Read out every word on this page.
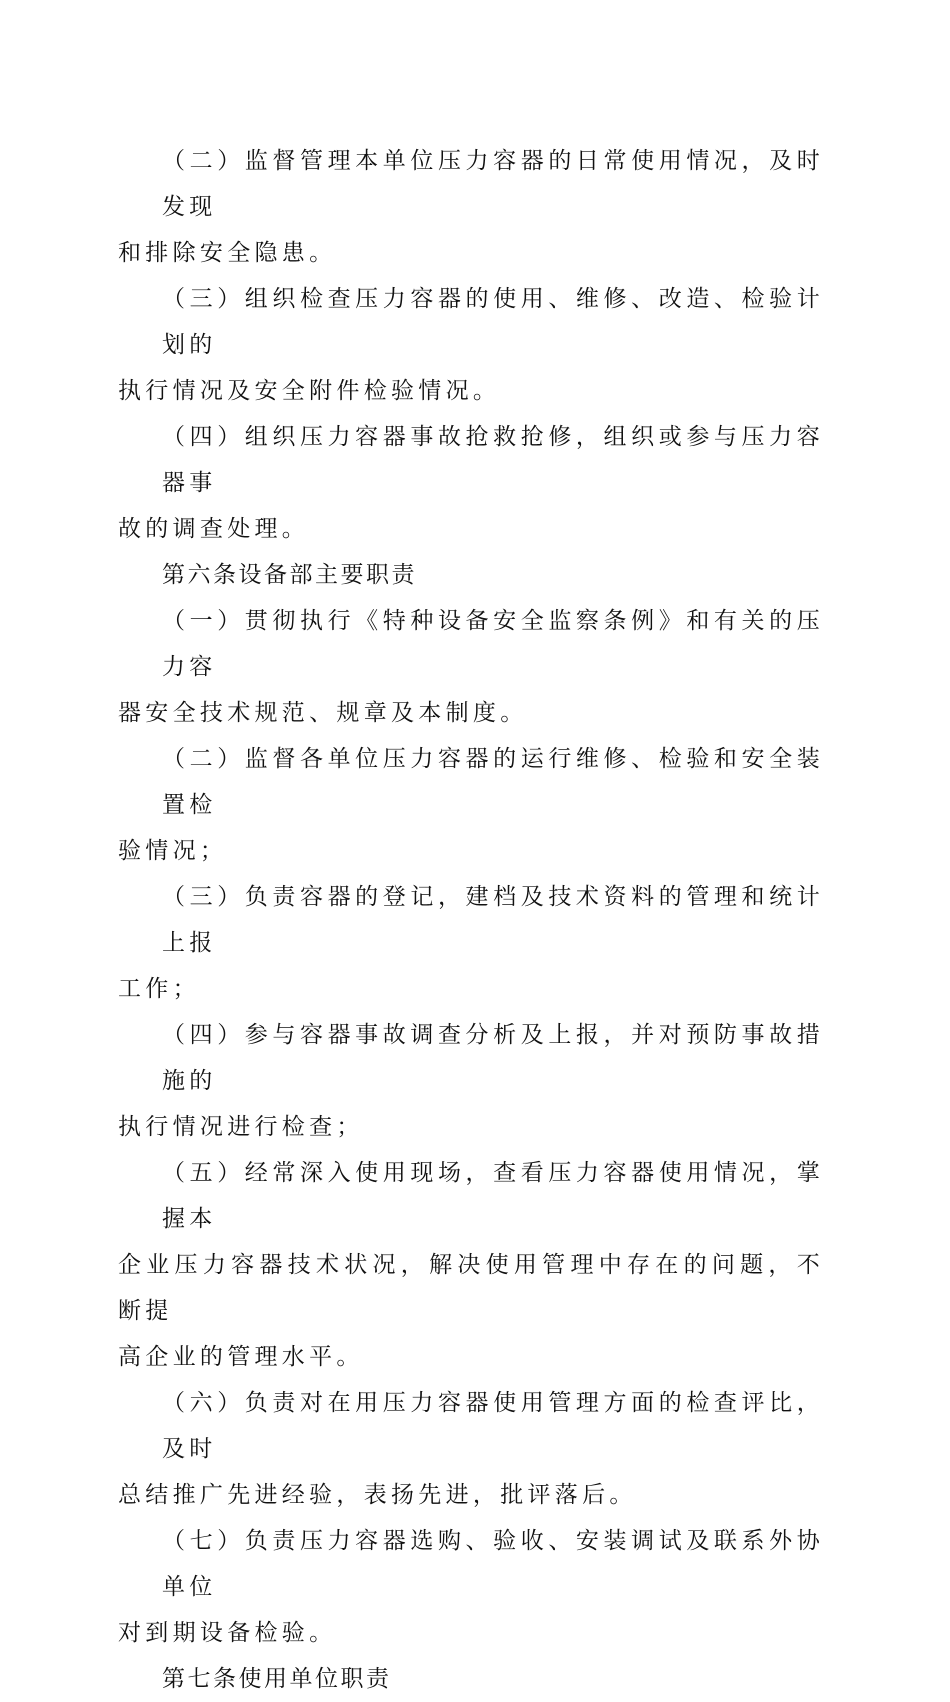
（二）监督管理本单位压力容器的日常使用情况，及时发现
和排除安全隐患。

（三）组织检查压力容器的使用、维修、改造、检验计划的
执行情况及安全附件检验情况。

（四）组织压力容器事故抢救抢修，组织或参与压力容器事
故的调查处理。

第六条设备部主要职责

（一）贯彻执行《特种设备安全监察条例》和有关的压力容
器安全技术规范、规章及本制度。

（二）监督各单位压力容器的运行维修、检验和安全装置检
验情况；

（三）负责容器的登记，建档及技术资料的管理和统计上报
工作；

（四）参与容器事故调查分析及上报，并对预防事故措施的
执行情况进行检查；

（五）经常深入使用现场，查看压力容器使用情况，掌握本
企业压力容器技术状况，解决使用管理中存在的问题，不断提
高企业的管理水平。

（六）负责对在用压力容器使用管理方面的检查评比，及时
总结推广先进经验，表扬先进，批评落后。

（七）负责压力容器选购、验收、安装调试及联系外协单位
对到期设备检验。

第七条使用单位职责
